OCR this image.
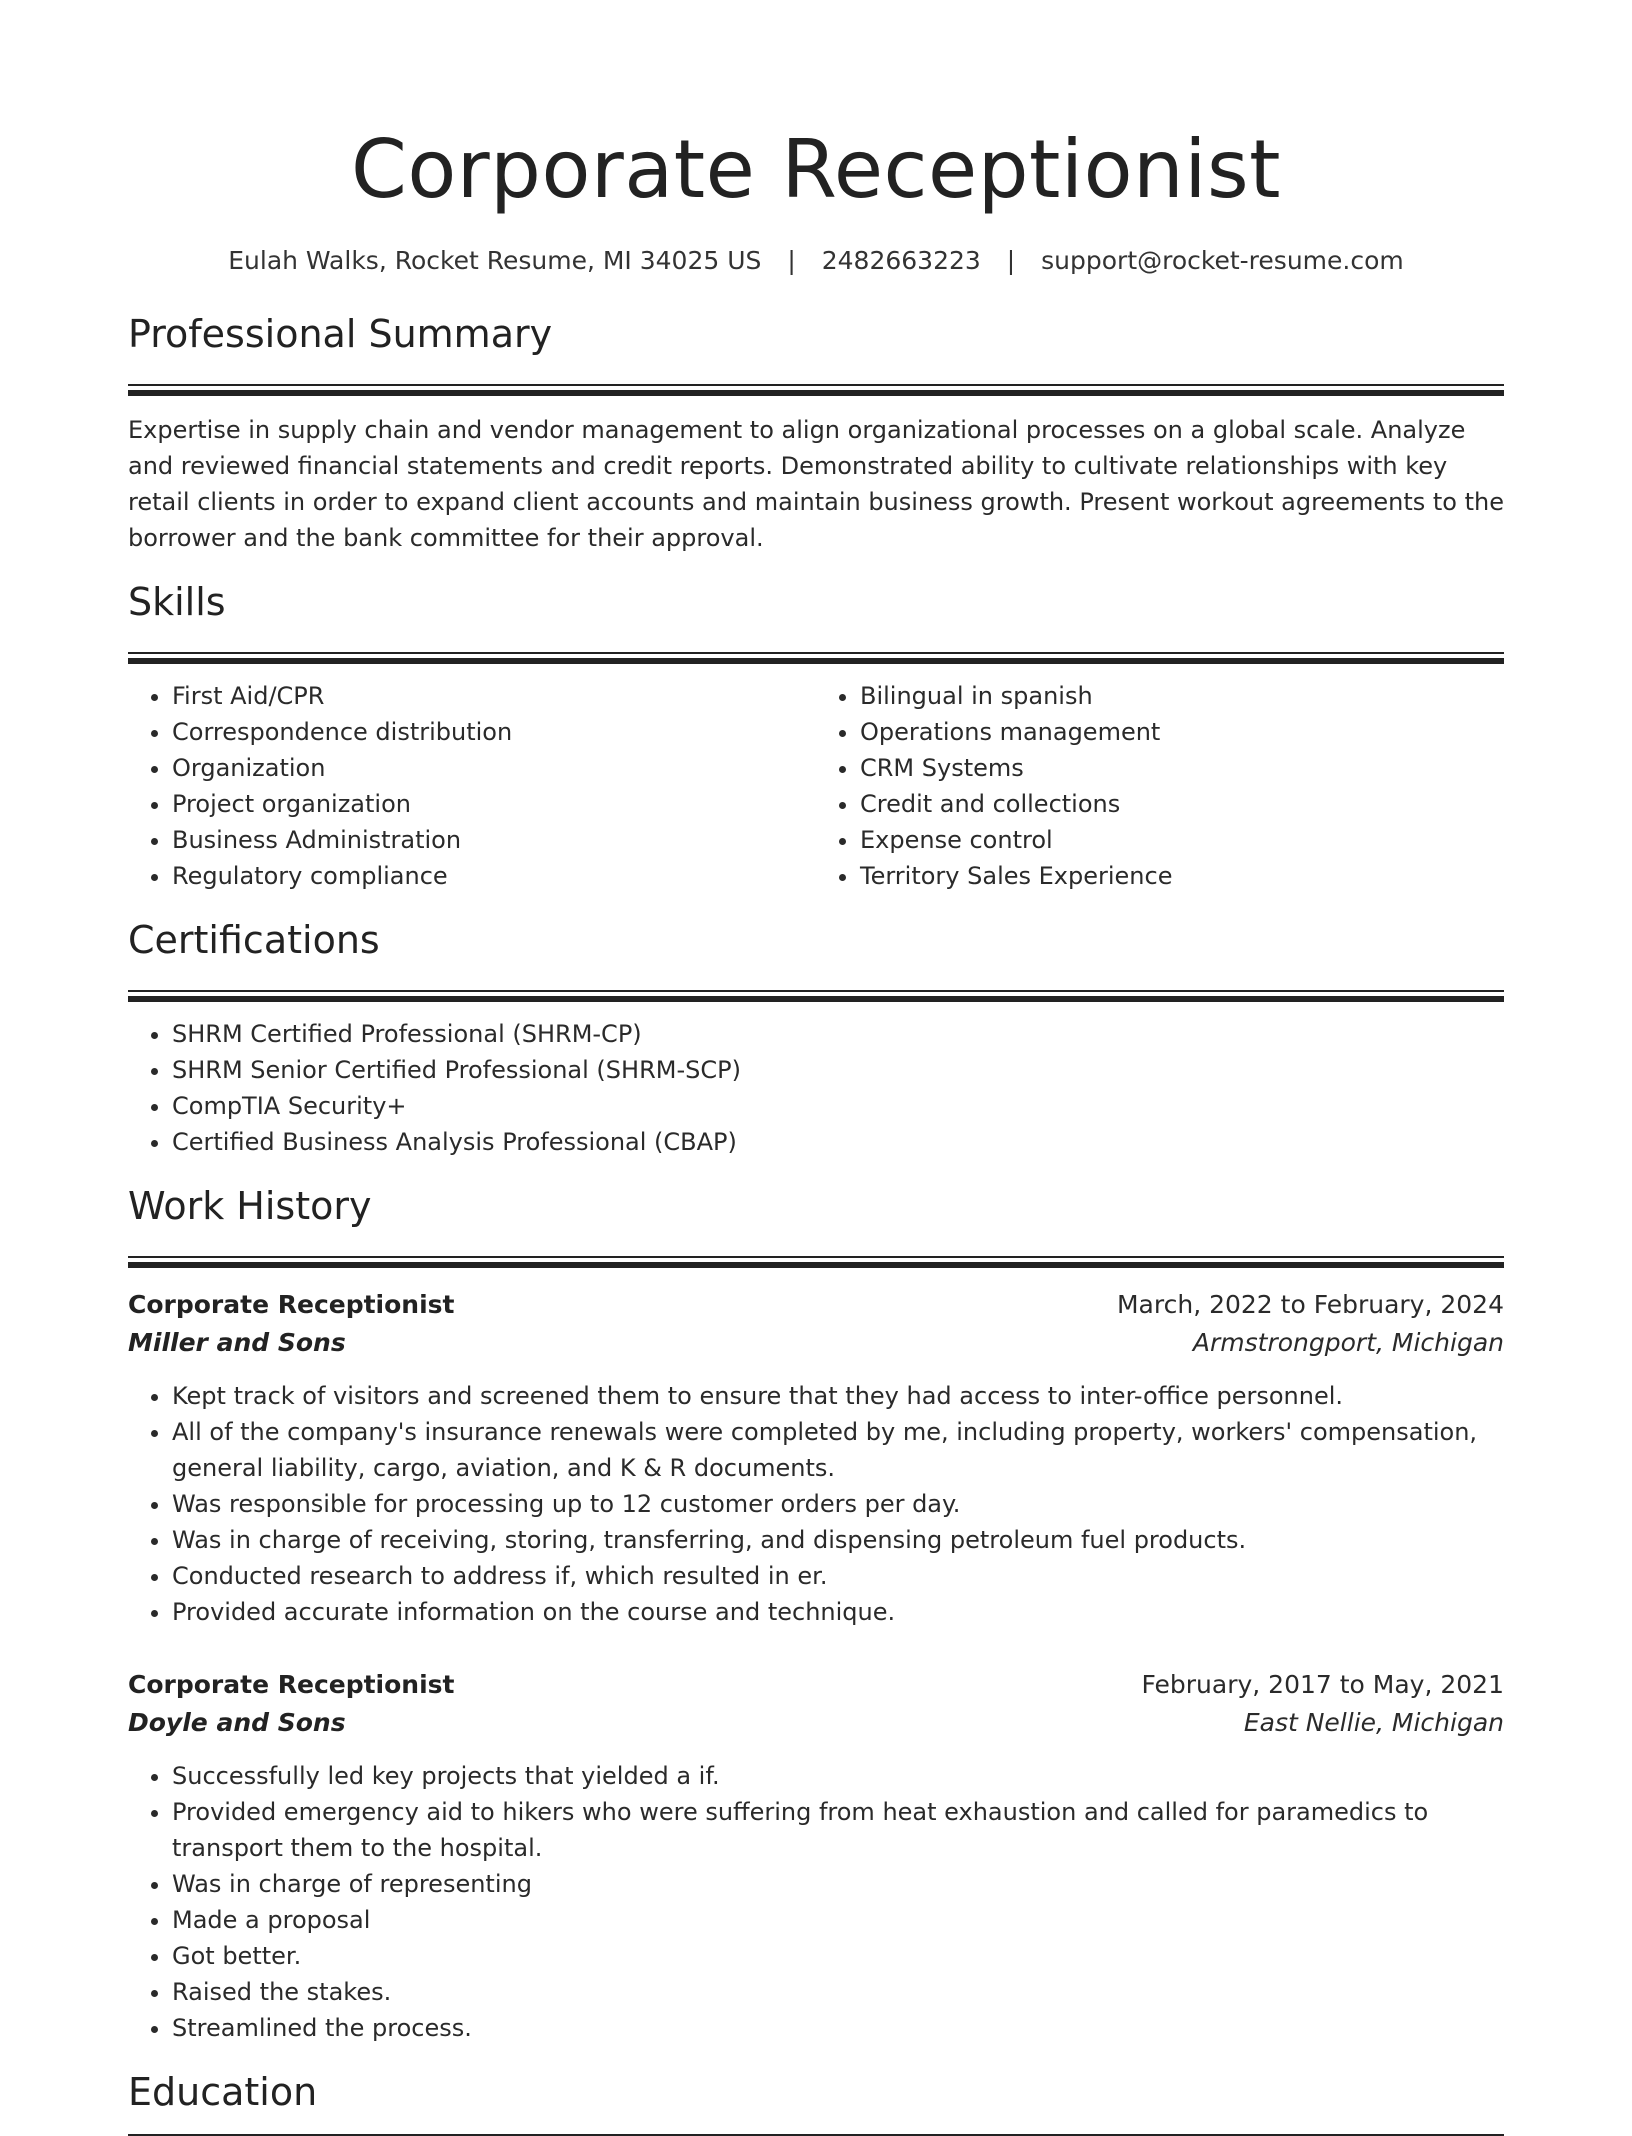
Corporate Receptionist
Eulah Walks, Rocket Resume, MI 34025 US | 2482663223 | support@rocket-resume.com
Professional Summary

Expertise in supply chain and vendor management to align organizational processes on a global scale. Analyze and reviewed financial statements and credit reports. Demonstrated ability to cultivate relationships with key retail clients in order to expand client accounts and maintain business growth. Present workout agreements to the borrower and the bank committee for their approval.

Skills
• First Aid/CPR
• Correspondence distribution
• Organization
• Project organization
• Business Administration
• Regulatory compliance
• Bilingual in spanish
• Operations management
• CRM Systems
• Credit and collections
• Expense control
• Territory Sales Experience
Certifications
• SHRM Certified Professional (SHRM-CP)
• SHRM Senior Certified Professional (SHRM-SCP)
• CompTIA Security+
• Certified Business Analysis Professional (CBAP)
Work History
Corporate Receptionist	March, 2022 to February, 2024
Miller and Sons	Armstrongport, Michigan
• Kept track of visitors and screened them to ensure that they had access to inter-office personnel.
• All of the company's insurance renewals were completed by me, including property, workers' compensation, general liability, cargo, aviation, and K & R documents.
• Was responsible for processing up to 12 customer orders per day.
• Was in charge of receiving, storing, transferring, and dispensing petroleum fuel products.
• Conducted research to address if, which resulted in er.
• Provided accurate information on the course and technique.
Corporate Receptionist	February, 2017 to May, 2021
Doyle and Sons	East Nellie, Michigan
• Successfully led key projects that yielded a if.
• Provided emergency aid to hikers who were suffering from heat exhaustion and called for paramedics to transport them to the hospital.
• Was in charge of representing
• Made a proposal
• Got better.
• Raised the stakes.
• Streamlined the process.
Education
